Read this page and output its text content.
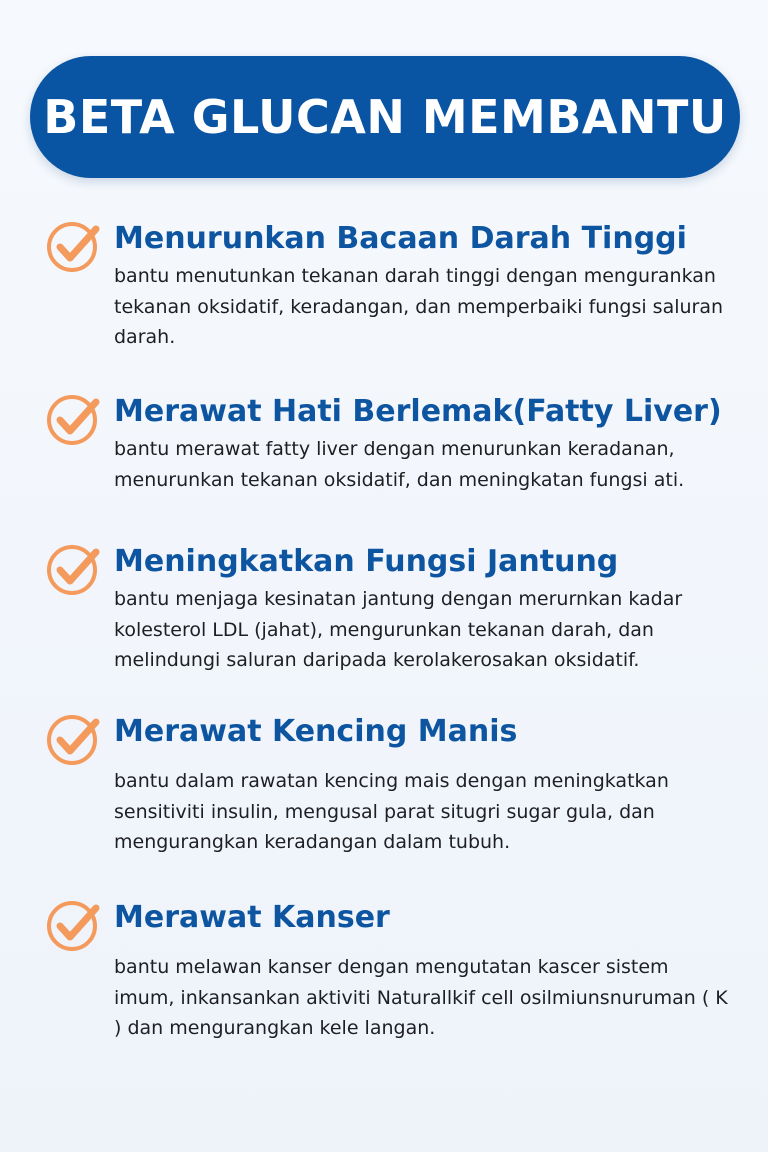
BETA GLUCAN MEMBANTU
Menurunkan Bacaan Darah Tinggi

bantu menutunkan tekanan darah tinggi dengan mengurankan tekanan oksidatif, keradangan, dan memperbaiki fungsi saluran darah.

Merawat Hati Berlemak(Fatty Liver)

bantu merawat fatty liver dengan menurunkan keradanan, menurunkan tekanan oksidatif, dan meningkatan fungsi ati.

Meningkatkan Fungsi Jantung

bantu menjaga kesinatan jantung dengan merurnkan kadar kolesterol LDL (jahat), mengurunkan tekanan darah, dan melindungi saluran daripada kerolakerosakan oksidatif.

Merawat Kencing Manis

bantu dalam rawatan kencing mais dengan meningkatkan sensitiviti insulin, mengusal parat situgri sugar gula, dan mengurangkan keradangan dalam tubuh.

Merawat Kanser

bantu melawan kanser dengan mengutatan kascer sistem imum, inkansankan aktiviti Naturallkif cell osilmiunsnuruman ( K ) dan mengurangkan kele langan.
